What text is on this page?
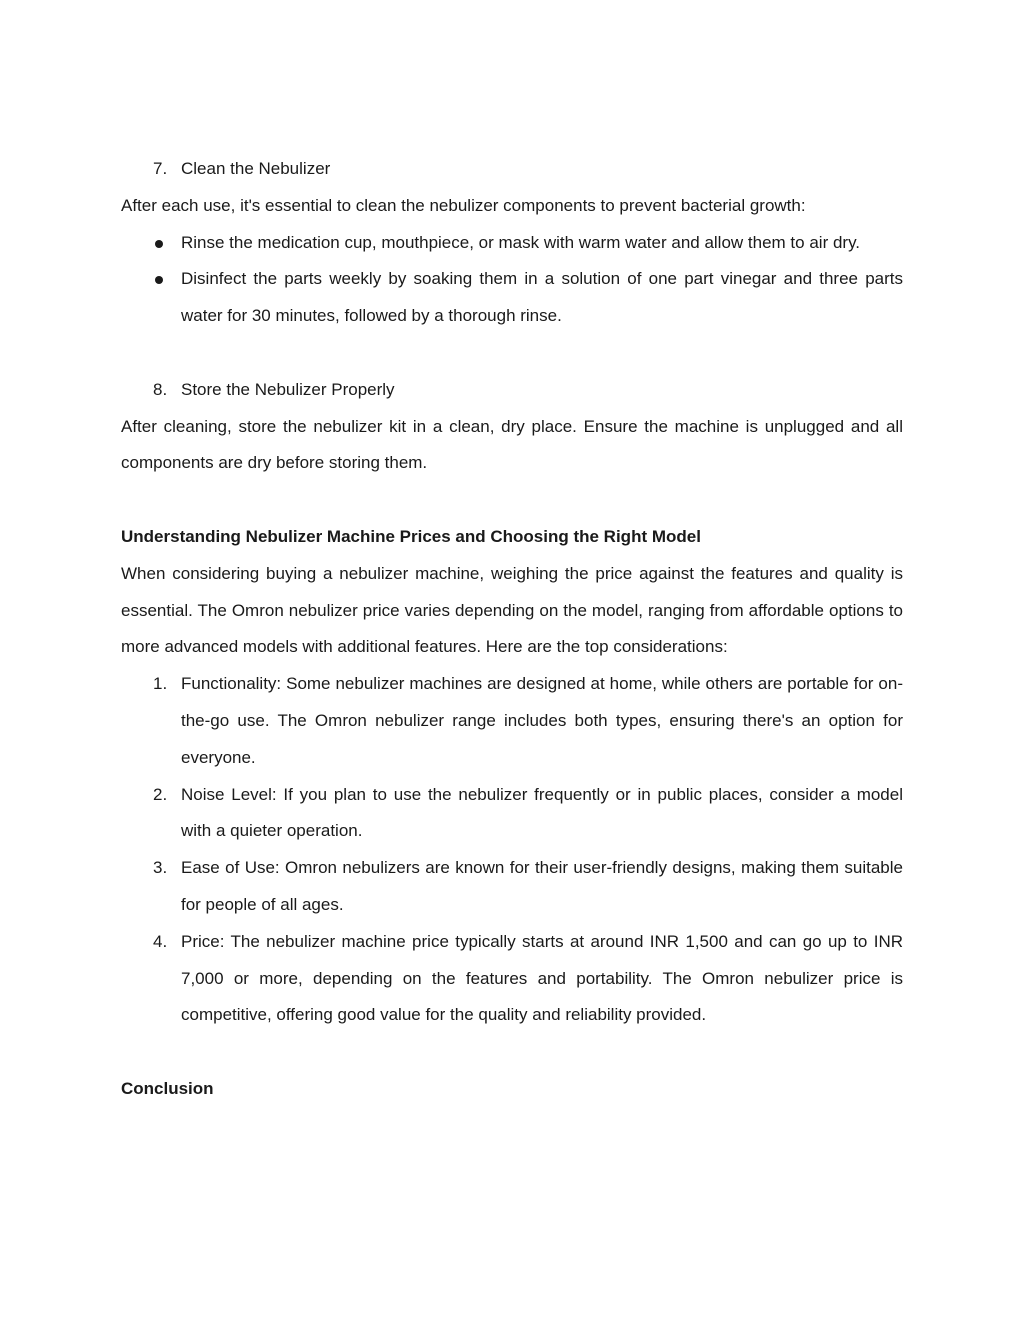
7. Clean the Nebulizer

After each use, it's essential to clean the nebulizer components to prevent bacterial growth:

Rinse the medication cup, mouthpiece, or mask with warm water and allow them to air dry.
Disinfect the parts weekly by soaking them in a solution of one part vinegar and three parts water for 30 minutes, followed by a thorough rinse.
8. Store the Nebulizer Properly

After cleaning, store the nebulizer kit in a clean, dry place. Ensure the machine is unplugged and all components are dry before storing them.

Understanding Nebulizer Machine Prices and Choosing the Right Model

When considering buying a nebulizer machine, weighing the price against the features and quality is essential. The Omron nebulizer price varies depending on the model, ranging from affordable options to more advanced models with additional features. Here are the top considerations:

1. Functionality: Some nebulizer machines are designed at home, while others are portable for on-the-go use. The Omron nebulizer range includes both types, ensuring there's an option for everyone.
2. Noise Level: If you plan to use the nebulizer frequently or in public places, consider a model with a quieter operation.
3. Ease of Use: Omron nebulizers are known for their user-friendly designs, making them suitable for people of all ages.
4. Price: The nebulizer machine price typically starts at around INR 1,500 and can go up to INR 7,000 or more, depending on the features and portability. The Omron nebulizer price is competitive, offering good value for the quality and reliability provided.

Conclusion
